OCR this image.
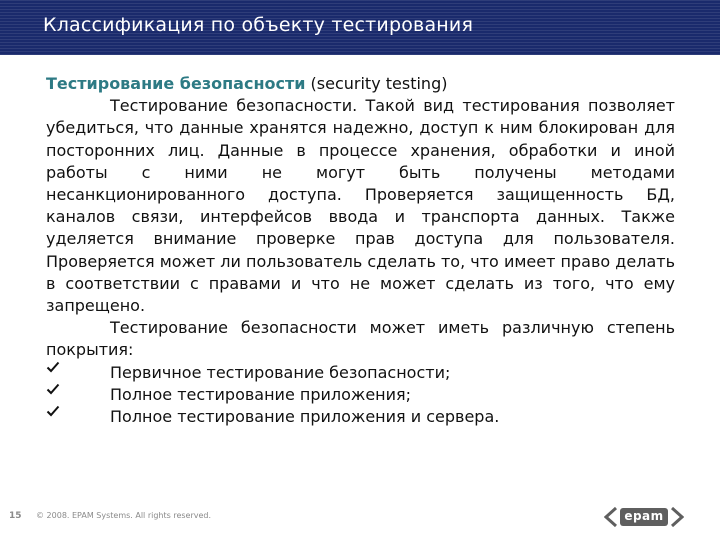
Классификация по объекту тестирования

Тестирование безопасности (security testing)

Тестирование безопасности. Такой вид тестирования позволяет убедиться, что данные хранятся надежно, доступ к ним блокирован для посторонних лиц. Данные в процессе хранения, обработки и иной работы с ними не могут быть получены методами несанкционированного доступа. Проверяется защищенность БД, каналов связи, интерфейсов ввода и транспорта данных. Также уделяется внимание проверке прав доступа для пользователя. Проверяется может ли пользователь сделать то, что имеет право делать в соответствии с правами и что не может сделать из того, что ему запрещено.

Тестирование безопасности может иметь различную степень покрытия:

Первичное тестирование безопасности;
Полное тестирование приложения;
Полное тестирование приложения и сервера.
15 © 2008. EPAM Systems. All rights reserved.	epam
